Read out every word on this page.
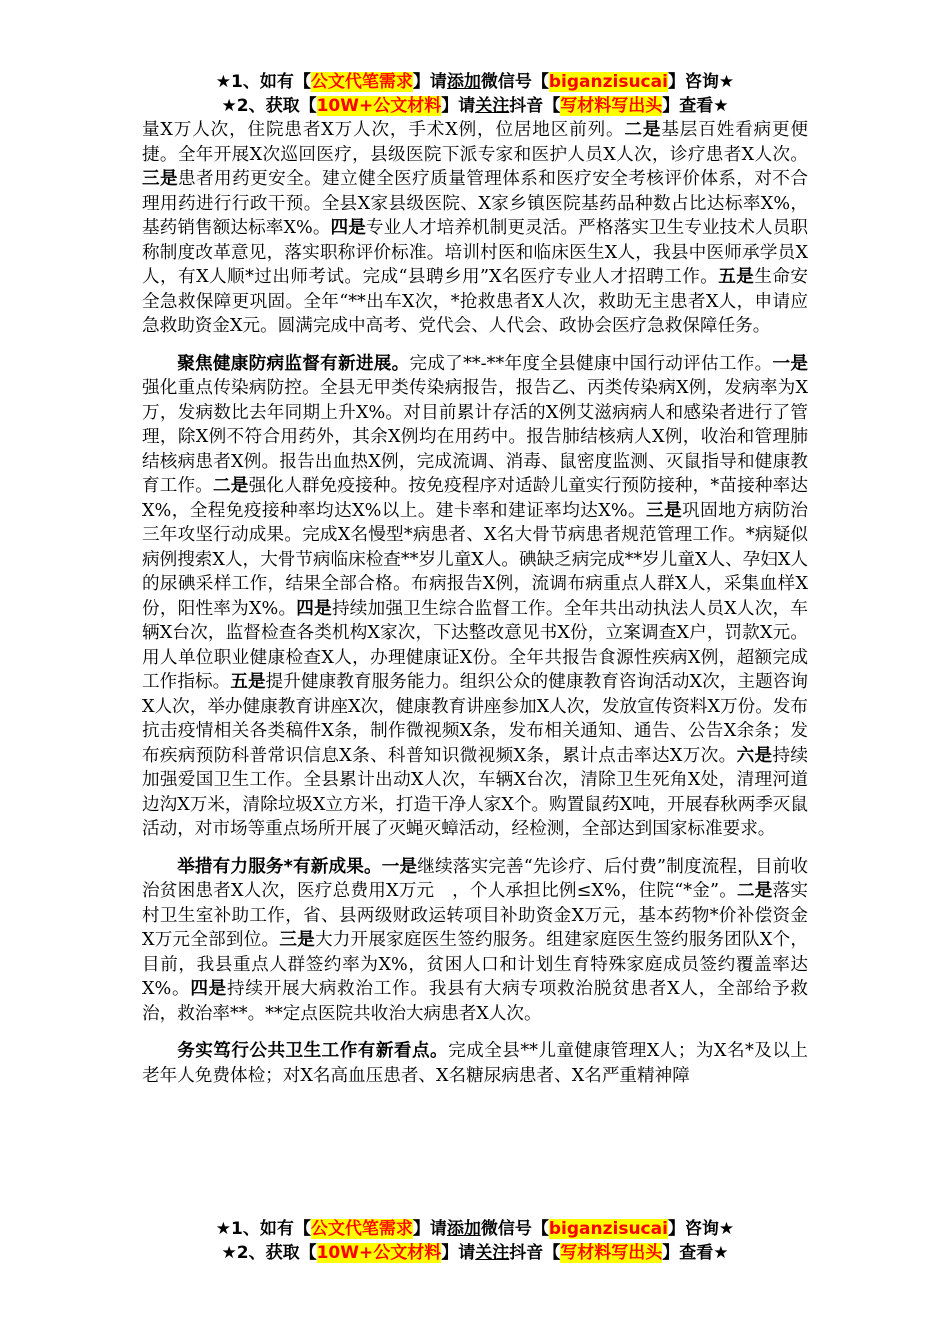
★1、如有【公文代笔需求】请添加微信号【biganzisucai】咨询★
★2、获取【10W+公文材料】请关注抖音【写材料写出头】查看★

量X万人次，住院患者X万人次，手术X例，位居地区前列。二是基层百姓看病更便捷。全年开展X次巡回医疗，县级医院下派专家和医护人员X人次，诊疗患者X人次。三是患者用药更安全。建立健全医疗质量管理体系和医疗安全考核评价体系，对不合理用药进行行政干预。全县X家县级医院、X家乡镇医院基药品种数占比达标率X%，基药销售额达标率X%。四是专业人才培养机制更灵活。严格落实卫生专业技术人员职称制度改革意见，落实职称评价标准。培训村医和临床医生X人，我县中医师承学员X人，有X人顺*过出师考试。完成“县聘乡用”X名医疗专业人才招聘工作。五是生命安全急救保障更巩固。全年“**出车X次，*抢救患者X人次，救助无主患者X人，申请应急救助资金X元。圆满完成中高考、党代会、人代会、政协会医疗急救保障任务。

聚焦健康防病监督有新进展。完成了**-**年度全县健康中国行动评估工作。一是强化重点传染病防控。全县无甲类传染病报告，报告乙、丙类传染病X例，发病率为X万，发病数比去年同期上升X%。对目前累计存活的X例艾滋病病人和感染者进行了管理，除X例不符合用药外，其余X例均在用药中。报告肺结核病人X例，收治和管理肺结核病患者X例。报告出血热X例，完成流调、消毒、鼠密度监测、灭鼠指导和健康教育工作。二是强化人群免疫接种。按免疫程序对适龄儿童实行预防接种，*苗接种率达X%，全程免疫接种率均达X%以上。建卡率和建证率均达X%。三是巩固地方病防治三年攻坚行动成果。完成X名慢型*病患者、X名大骨节病患者规范管理工作。*病疑似病例搜索X人，大骨节病临床检查**岁儿童X人。碘缺乏病完成**岁儿童X人、孕妇X人的尿碘采样工作，结果全部合格。布病报告X例，流调布病重点人群X人，采集血样X份，阳性率为X%。四是持续加强卫生综合监督工作。全年共出动执法人员X人次，车辆X台次，监督检查各类机构X家次，下达整改意见书X份，立案调查X户，罚款X元。用人单位职业健康检查X人，办理健康证X份。全年共报告食源性疾病X例，超额完成工作指标。五是提升健康教育服务能力。组织公众的健康教育咨询活动X次，主题咨询X人次，举办健康教育讲座X次，健康教育讲座参加X人次，发放宣传资料X万份。发布抗击疫情相关各类稿件X条，制作微视频X条，发布相关通知、通告、公告X余条；发布疾病预防科普常识信息X条、科普知识微视频X条，累计点击率达X万次。六是持续加强爱国卫生工作。全县累计出动X人次，车辆X台次，清除卫生死角X处，清理河道边沟X万米，清除垃圾X立方米，打造干净人家X个。购置鼠药X吨，开展春秋两季灭鼠活动，对市场等重点场所开展了灭蝇灭蟑活动，经检测，全部达到国家标准要求。

举措有力服务*有新成果。一是继续落实完善“先诊疗、后付费”制度流程，目前收治贫困患者X人次，医疗总费用X万元　，个人承担比例≤X%，住院“*金”。二是落实村卫生室补助工作，省、县两级财政运转项目补助资金X万元，基本药物*价补偿资金X万元全部到位。三是大力开展家庭医生签约服务。组建家庭医生签约服务团队X个，目前，我县重点人群签约率为X%，贫困人口和计划生育特殊家庭成员签约覆盖率达X%。四是持续开展大病救治工作。我县有大病专项救治脱贫患者X人，全部给予救治，救治率**。**定点医院共收治大病患者X人次。

务实笃行公共卫生工作有新看点。完成全县**儿童健康管理X人；为X名*及以上老年人免费体检；对X名高血压患者、X名糖尿病患者、X名严重精神障

★1、如有【公文代笔需求】请添加微信号【biganzisucai】咨询★
★2、获取【10W+公文材料】请关注抖音【写材料写出头】查看★
